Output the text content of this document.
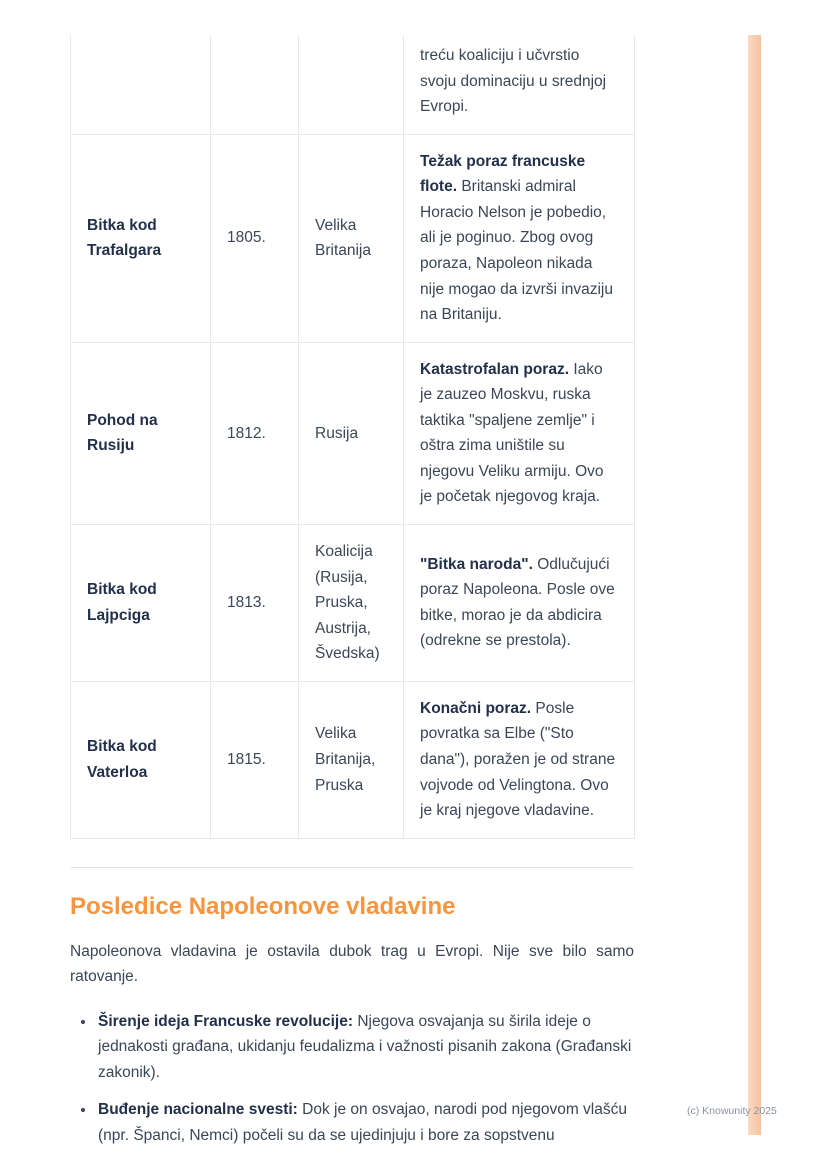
			treću koaliciju i učvrstio svoju dominaciju u srednjoj Evropi.
Bitka kod Trafalgara	1805.	Velika Britanija	Težak poraz francuske flote. Britanski admiral Horacio Nelson je pobedio, ali je poginuo. Zbog ovog poraza, Napoleon nikada nije mogao da izvrši invaziju na Britaniju.
Pohod na Rusiju	1812.	Rusija	Katastrofalan poraz. Iako je zauzeo Moskvu, ruska taktika "spaljene zemlje" i oštra zima uništile su njegovu Veliku armiju. Ovo je početak njegovog kraja.
Bitka kod Lajpciga	1813.	Koalicija (Rusija, Pruska, Austrija, Švedska)	"Bitka naroda". Odlučujući poraz Napoleona. Posle ove bitke, morao je da abdicira (odrekne se prestola).
Bitka kod Vaterloa	1815.	Velika Britanija, Pruska	Konačni poraz. Posle povratka sa Elbe ("Sto dana"), poražen je od strane vojvode od Velingtona. Ovo je kraj njegove vladavine.
Posledice Napoleonove vladavine

Napoleonova vladavina je ostavila dubok trag u Evropi. Nije sve bilo samo ratovanje.

• Širenje ideja Francuske revolucije: Njegova osvajanja su širila ideje o jednakosti građana, ukidanju feudalizma i važnosti pisanih zakona (Građanski zakonik).
• Buđenje nacionalne svesti: Dok je on osvajao, narodi pod njegovom vlašću (npr. Španci, Nemci) počeli su da se ujedinjuju i bore za sopstvenu
(c) Knowunity 2025
